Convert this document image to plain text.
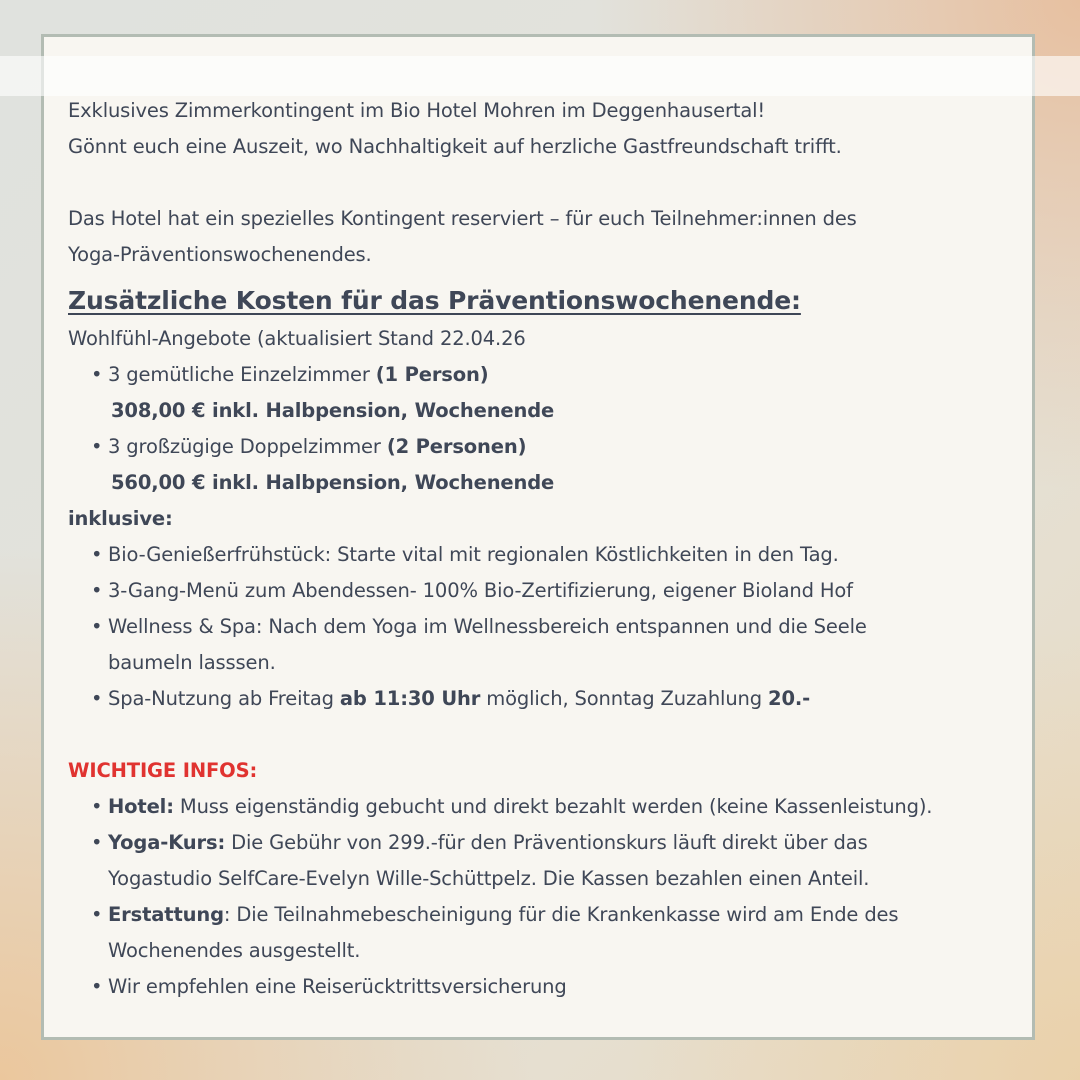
Exklusives Zimmerkontingent im Bio Hotel Mohren im Deggenhausertal!
Gönnt euch eine Auszeit, wo Nachhaltigkeit auf herzliche Gastfreundschaft trifft.
Das Hotel hat ein spezielles Kontingent reserviert – für euch Teilnehmer:innen des
Yoga-Präventionswochenendes.
Zusätzliche Kosten für das Präventionswochenende:
Wohlfühl-Angebote (aktualisiert Stand 22.04.26
• 3 gemütliche Einzelzimmer (1 Person)
308,00 € inkl. Halbpension, Wochenende
• 3 großzügige Doppelzimmer (2 Personen)
560,00 € inkl. Halbpension, Wochenende
inklusive:
• Bio-Genießerfrühstück: Starte vital mit regionalen Köstlichkeiten in den Tag.
• 3-Gang-Menü zum Abendessen- 100% Bio-Zertifizierung, eigener Bioland Hof
• Wellness & Spa: Nach dem Yoga im Wellnessbereich entspannen und die Seele
baumeln lasssen.
• Spa-Nutzung ab Freitag ab 11:30 Uhr möglich, Sonntag Zuzahlung 20.-
WICHTIGE INFOS:
• Hotel: Muss eigenständig gebucht und direkt bezahlt werden (keine Kassenleistung).
• Yoga-Kurs: Die Gebühr von 299.-für den Präventionskurs läuft direkt über das
Yogastudio SelfCare-Evelyn Wille-Schüttpelz. Die Kassen bezahlen einen Anteil.
• Erstattung: Die Teilnahmebescheinigung für die Krankenkasse wird am Ende des
Wochenendes ausgestellt.
• Wir empfehlen eine Reiserücktrittsversicherung
